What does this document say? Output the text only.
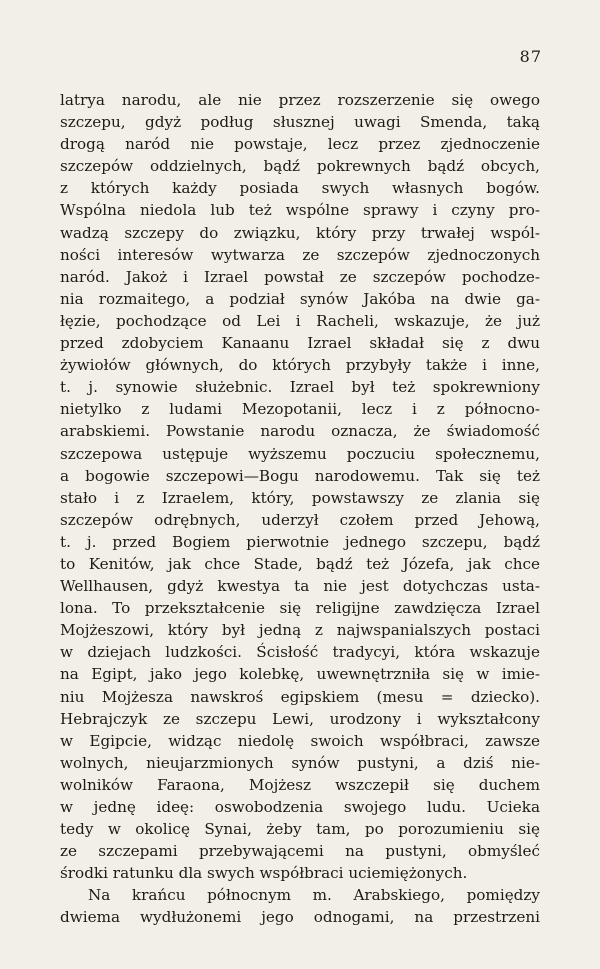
87
latrya narodu, ale nie przez rozszerzenie się owego
szczepu, gdyż podług słusznej uwagi Smenda, taką
drogą naród nie powstaje, lecz przez zjednoczenie
szczepów oddzielnych, bądź pokrewnych bądź obcych,
z których każdy posiada swych własnych bogów.
Wspólna niedola lub też wspólne sprawy i czyny pro-
wadzą szczepy do związku, który przy trwałej wspól-
ności interesów wytwarza ze szczepów zjednoczonych
naród. Jakoż i Izrael powstał ze szczepów pochodze-
nia rozmaitego, a podział synów Jakóba na dwie ga-
łęzie, pochodzące od Lei i Racheli, wskazuje, że już
przed zdobyciem Kanaanu Izrael składał się z dwu
żywiołów głównych, do których przybyły także i inne,
t. j. synowie służebnic. Izrael był też spokrewniony
nietylko z ludami Mezopotanii, lecz i z północno-
arabskiemi. Powstanie narodu oznacza, że świadomość
szczepowa ustępuje wyższemu poczuciu społecznemu,
a bogowie szczepowi—Bogu narodowemu. Tak się też
stało i z Izraelem, który, powstawszy ze zlania się
szczepów odrębnych, uderzył czołem przed Jehową,
t. j. przed Bogiem pierwotnie jednego szczepu, bądź
to Kenitów, jak chce Stade, bądź też Józefa, jak chce
Wellhausen, gdyż kwestya ta nie jest dotychczas usta-
lona. To przekształcenie się religijne zawdzięcza Izrael
Mojżeszowi, który był jedną z najwspanialszych postaci
w dziejach ludzkości. Ścisłość tradycyi, która wskazuje
na Egipt, jako jego kolebkę, uwewnętrzniła się w imie-
niu Mojżesza nawskroś egipskiem (mesu = dziecko).
Hebrajczyk ze szczepu Lewi, urodzony i wykształcony
w Egipcie, widząc niedolę swoich współbraci, zawsze
wolnych, nieujarzmionych synów pustyni, a dziś nie-
wolników Faraona, Mojżesz wszczepił się duchem
w jednę ideę: oswobodzenia swojego ludu. Ucieka
tedy w okolicę Synai, żeby tam, po porozumieniu się
ze szczepami przebywającemi na pustyni, obmyśleć
środki ratunku dla swych współbraci uciemiężonych.
Na krańcu północnym m. Arabskiego, pomiędzy
dwiema wydłużonemi jego odnogami, na przestrzeni
